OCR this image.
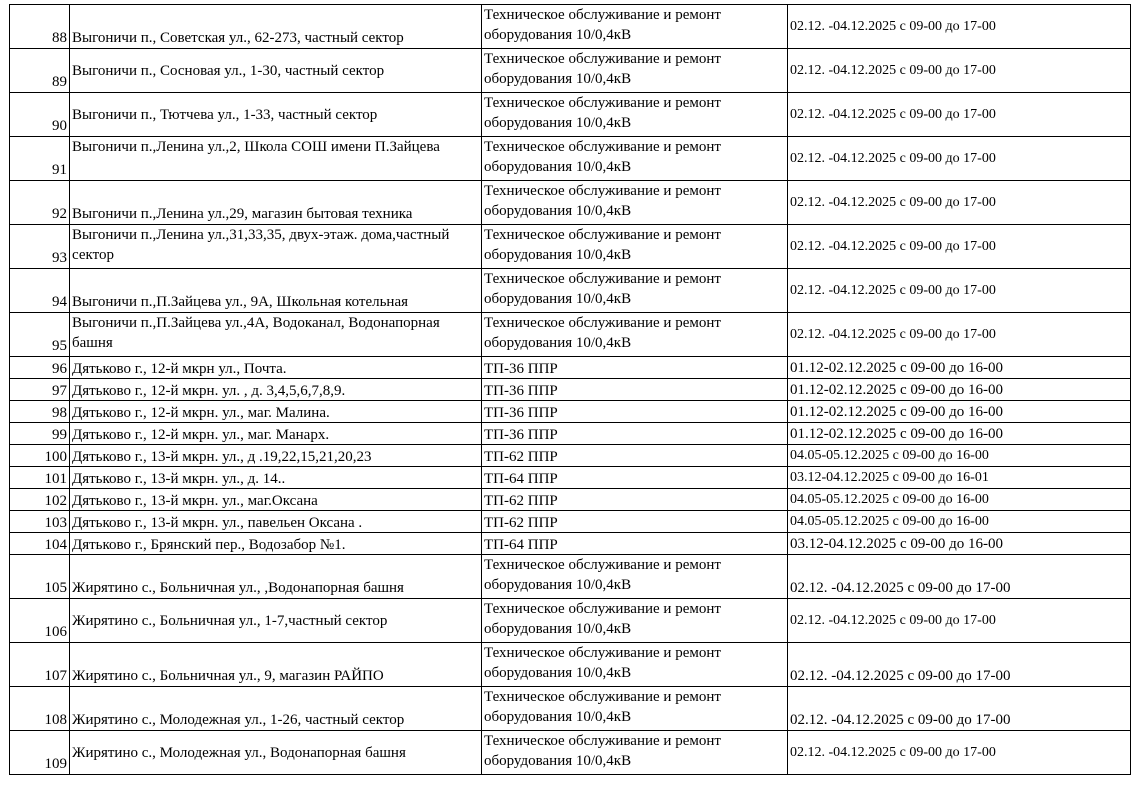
88	Выгоничи п., Советская ул., 62-273, частный сектор	Техническое обслуживание и ремонт оборудования 10/0,4кВ	02.12. -04.12.2025 с 09-00 до 17-00
89	Выгоничи п., Сосновая ул., 1-30, частный сектор	Техническое обслуживание и ремонт оборудования 10/0,4кВ	02.12. -04.12.2025 с 09-00 до 17-00
90	Выгоничи п., Тютчева ул., 1-33, частный сектор	Техническое обслуживание и ремонт оборудования 10/0,4кВ	02.12. -04.12.2025 с 09-00 до 17-00
91	Выгоничи п.,Ленина ул.,2, Школа СОШ имени П.Зайцева	Техническое обслуживание и ремонт оборудования 10/0,4кВ	02.12. -04.12.2025 с 09-00 до 17-00
92	Выгоничи п.,Ленина ул.,29, магазин бытовая техника	Техническое обслуживание и ремонт оборудования 10/0,4кВ	02.12. -04.12.2025 с 09-00 до 17-00
93	Выгоничи п.,Ленина ул.,31,33,35, двух-этаж. дома,частный сектор	Техническое обслуживание и ремонт оборудования 10/0,4кВ	02.12. -04.12.2025 с 09-00 до 17-00
94	Выгоничи п.,П.Зайцева ул., 9А, Школьная котельная	Техническое обслуживание и ремонт оборудования 10/0,4кВ	02.12. -04.12.2025 с 09-00 до 17-00
95	Выгоничи п.,П.Зайцева ул.,4А, Водоканал, Водонапорная башня	Техническое обслуживание и ремонт оборудования 10/0,4кВ	02.12. -04.12.2025 с 09-00 до 17-00
96	Дятьково г., 12-й мкрн ул., Почта.	ТП-36 ППР	01.12-02.12.2025 с 09-00 до 16-00
97	Дятьково г., 12-й мкрн. ул. , д. 3,4,5,6,7,8,9.	ТП-36 ППР	01.12-02.12.2025 с 09-00 до 16-00
98	Дятьково г., 12-й мкрн. ул., маг. Малина.	ТП-36 ППР	01.12-02.12.2025 с 09-00 до 16-00
99	Дятьково г., 12-й мкрн. ул., маг. Манарх.	ТП-36 ППР	01.12-02.12.2025 с 09-00 до 16-00
100	Дятьково г., 13-й мкрн. ул., д .19,22,15,21,20,23	ТП-62 ППР	04.05-05.12.2025 с 09-00 до 16-00
101	Дятьково г., 13-й мкрн. ул., д. 14..	ТП-64 ППР	03.12-04.12.2025 с 09-00 до 16-01
102	Дятьково г., 13-й мкрн. ул., маг.Оксана	ТП-62 ППР	04.05-05.12.2025 с 09-00 до 16-00
103	Дятьково г., 13-й мкрн. ул., павельен Оксана .	ТП-62 ППР	04.05-05.12.2025 с 09-00 до 16-00
104	Дятьково г., Брянский пер., Водозабор №1.	ТП-64 ППР	03.12-04.12.2025 с 09-00 до 16-00
105	Жирятино с., Больничная ул., ,Водонапорная башня	Техническое обслуживание и ремонт оборудования 10/0,4кВ	02.12. -04.12.2025 с 09-00 до 17-00
106	Жирятино с., Больничная ул., 1-7,частный сектор	Техническое обслуживание и ремонт оборудования 10/0,4кВ	02.12. -04.12.2025 с 09-00 до 17-00
107	Жирятино с., Больничная ул., 9, магазин РАЙПО	Техническое обслуживание и ремонт оборудования 10/0,4кВ	02.12. -04.12.2025 с 09-00 до 17-00
108	Жирятино с., Молодежная ул., 1-26, частный сектор	Техническое обслуживание и ремонт оборудования 10/0,4кВ	02.12. -04.12.2025 с 09-00 до 17-00
109	Жирятино с., Молодежная ул., Водонапорная башня	Техническое обслуживание и ремонт оборудования 10/0,4кВ	02.12. -04.12.2025 с 09-00 до 17-00
